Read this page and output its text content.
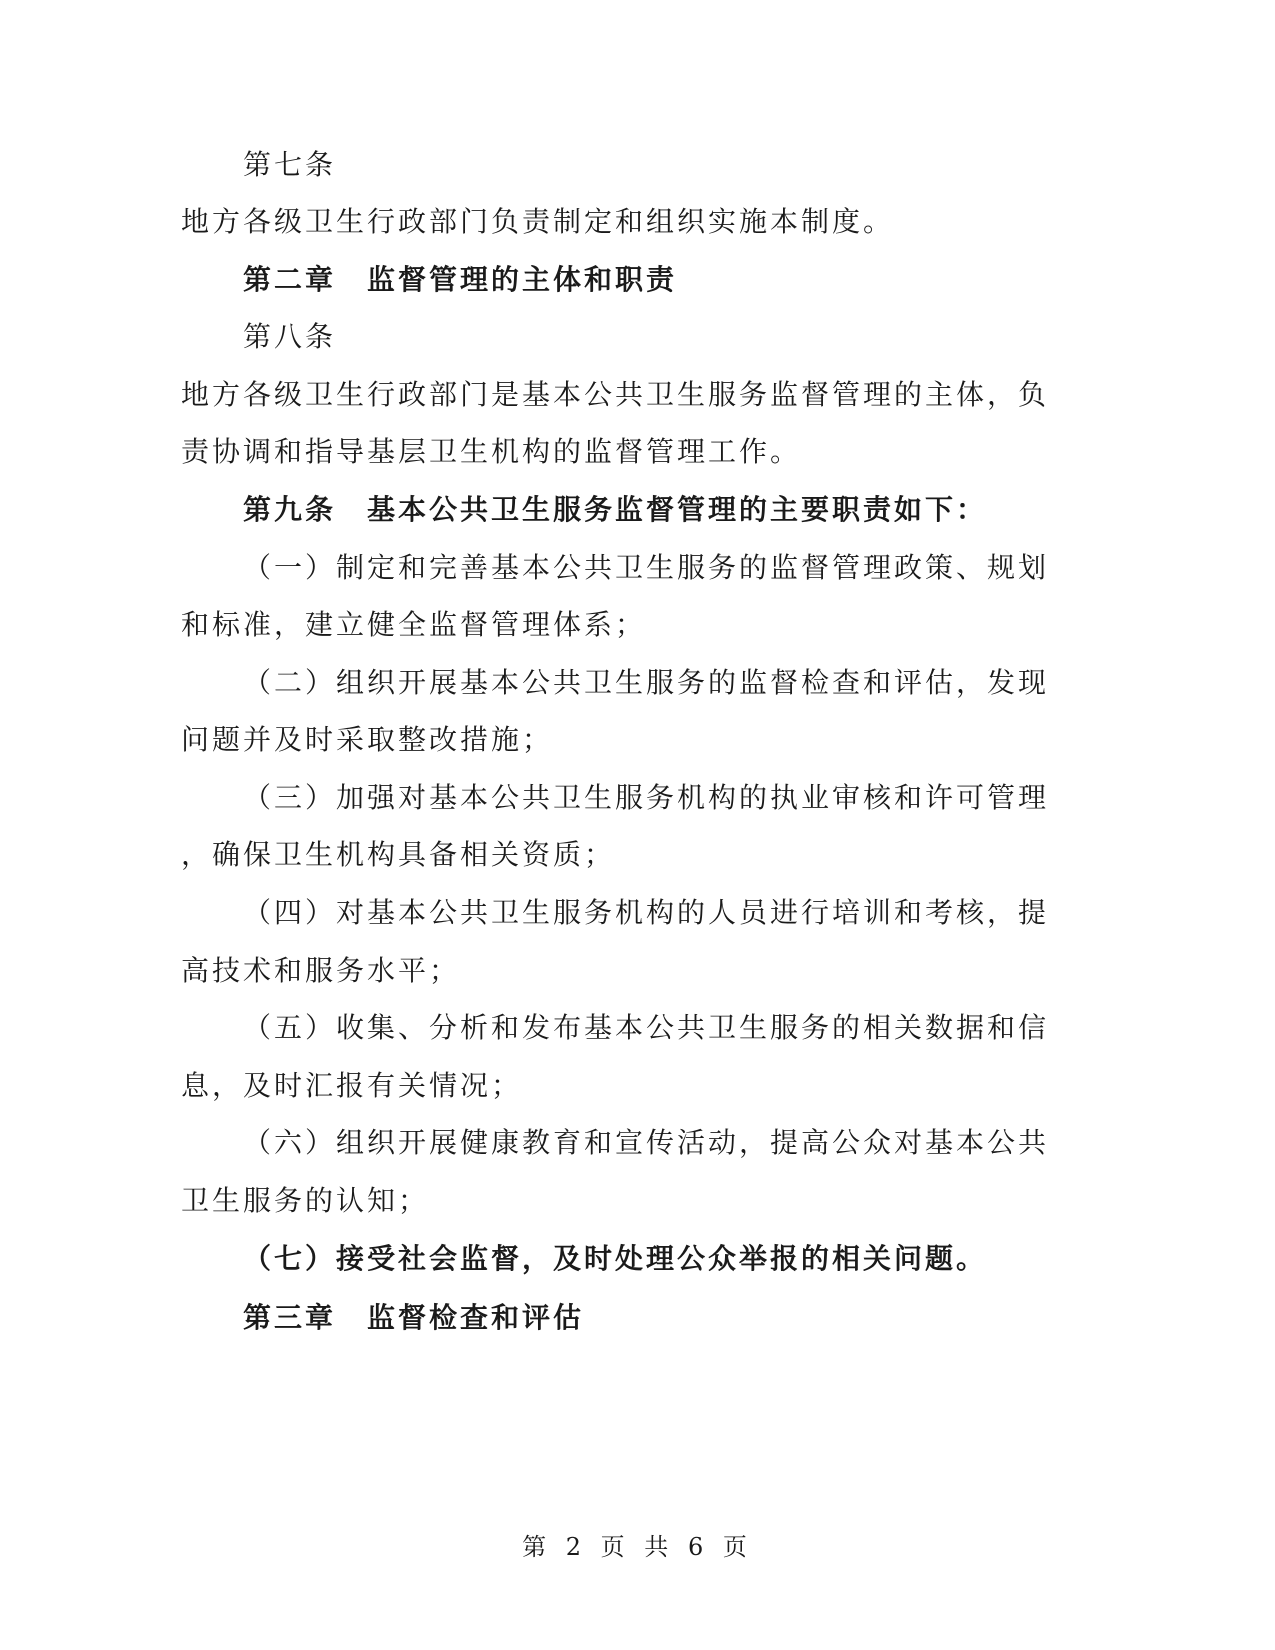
第七条
地方各级卫生行政部门负责制定和组织实施本制度。
第二章　监督管理的主体和职责
第八条
地方各级卫生行政部门是基本公共卫生服务监督管理的主体，负
责协调和指导基层卫生机构的监督管理工作。
第九条　基本公共卫生服务监督管理的主要职责如下：
（一）制定和完善基本公共卫生服务的监督管理政策、规划
和标准，建立健全监督管理体系；
（二）组织开展基本公共卫生服务的监督检查和评估，发现
问题并及时采取整改措施；
（三）加强对基本公共卫生服务机构的执业审核和许可管理
，确保卫生机构具备相关资质；
（四）对基本公共卫生服务机构的人员进行培训和考核，提
高技术和服务水平；
（五）收集、分析和发布基本公共卫生服务的相关数据和信
息，及时汇报有关情况；
（六）组织开展健康教育和宣传活动，提高公众对基本公共
卫生服务的认知；
（七）接受社会监督，及时处理公众举报的相关问题。
第三章　监督检查和评估
第 2 页 共 6 页
